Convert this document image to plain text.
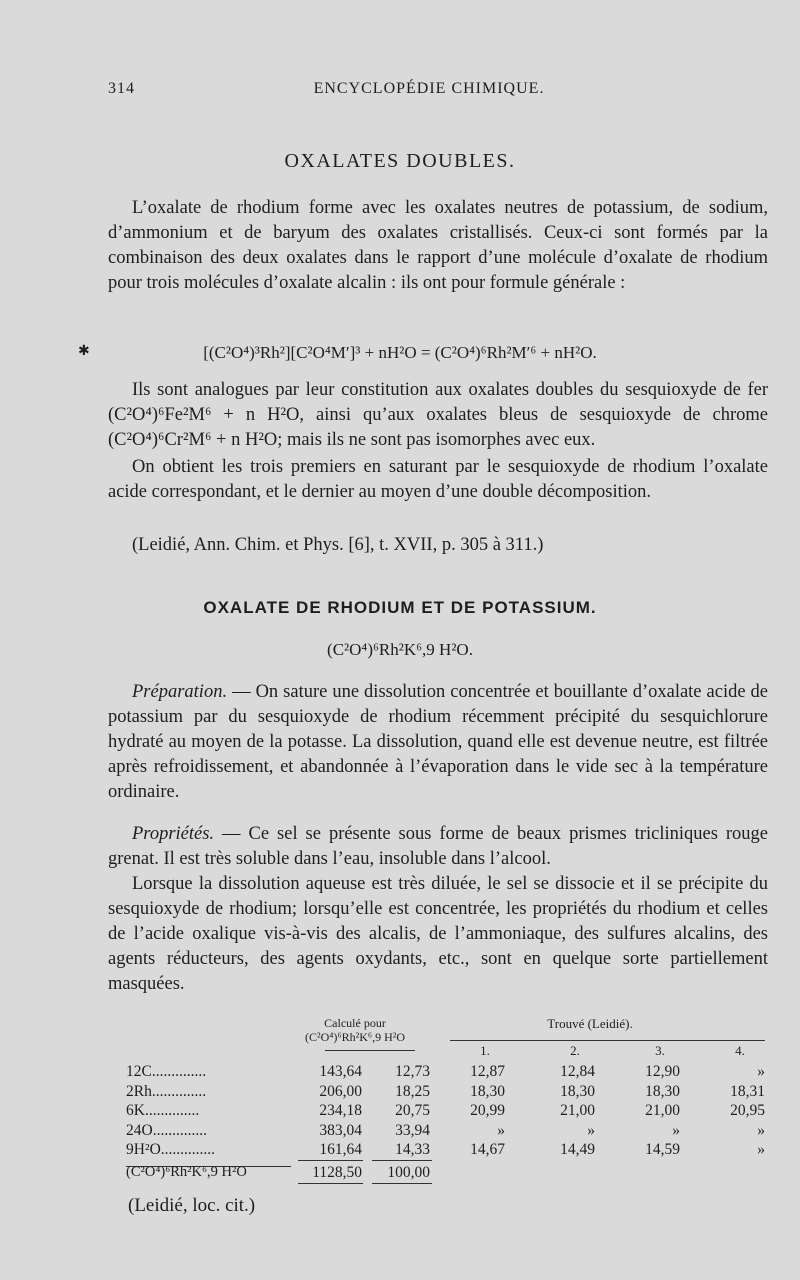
314	ENCYCLOPÉDIE CHIMIQUE.
OXALATES DOUBLES.

L’oxalate de rhodium forme avec les oxalates neutres de potassium, de sodium, d’ammonium et de baryum des oxalates cristallisés. Ceux-ci sont formés par la combinaison des deux oxalates dans le rapport d’une molécule d’oxalate de rhodium pour trois molécules d’oxalate alcalin : ils ont pour formule générale :

[(C²O⁴)³Rh²][C²O⁴M′]³ + nH²O = (C²O⁴)⁶Rh²M′⁶ + nH²O.
✱

Ils sont analogues par leur constitution aux oxalates doubles du sesquioxyde de fer (C²O⁴)⁶Fe²M⁶ + n H²O, ainsi qu’aux oxalates bleus de sesquioxyde de chrome (C²O⁴)⁶Cr²M⁶ + n H²O; mais ils ne sont pas isomorphes avec eux.

On obtient les trois premiers en saturant par le sesquioxyde de rhodium l’oxalate acide correspondant, et le dernier au moyen d’une double décomposition.

(Leidié, Ann. Chim. et Phys. [6], t. XVII, p. 305 à 311.)

OXALATE DE RHODIUM ET DE POTASSIUM.
(C²O⁴)⁶Rh²K⁶,9 H²O.

Préparation. — On sature une dissolution concentrée et bouillante d’oxalate acide de potassium par du sesquioxyde de rhodium récemment précipité du sesquichlorure hydraté au moyen de la potasse. La dissolution, quand elle est devenue neutre, est filtrée après refroidissement, et abandonnée à l’évaporation dans le vide sec à la température ordinaire.

Propriétés. — Ce sel se présente sous forme de beaux prismes tricliniques rouge grenat. Il est très soluble dans l’eau, insoluble dans l’alcool.

Lorsque la dissolution aqueuse est très diluée, le sel se dissocie et il se précipite du sesquioxyde de rhodium; lorsqu’elle est concentrée, les propriétés du rhodium et celles de l’acide oxalique vis-à-vis des alcalis, de l’ammoniaque, des sulfures alcalins, des agents réducteurs, des agents oxydants, etc., sont en quelque sorte partiellement masquées.

Calculé pour
(C²O⁴)⁶Rh²K⁶,9 H²O
Trouvé (Leidié).
1.	2.	3.	4.
12C..............	143,64	12,73	12,87	12,84	12,90	»
2Rh..............	206,00	18,25	18,30	18,30	18,30	18,31
6K..............	234,18	20,75	20,99	21,00	21,00	20,95
24O..............	383,04	33,94	»	»	»	»
9H²O..............	161,64	14,33	14,67	14,49	14,59	»
(C²O⁴)⁶Rh²K⁶,9 H²O	1128,50	100,00
(Leidié, loc. cit.)
